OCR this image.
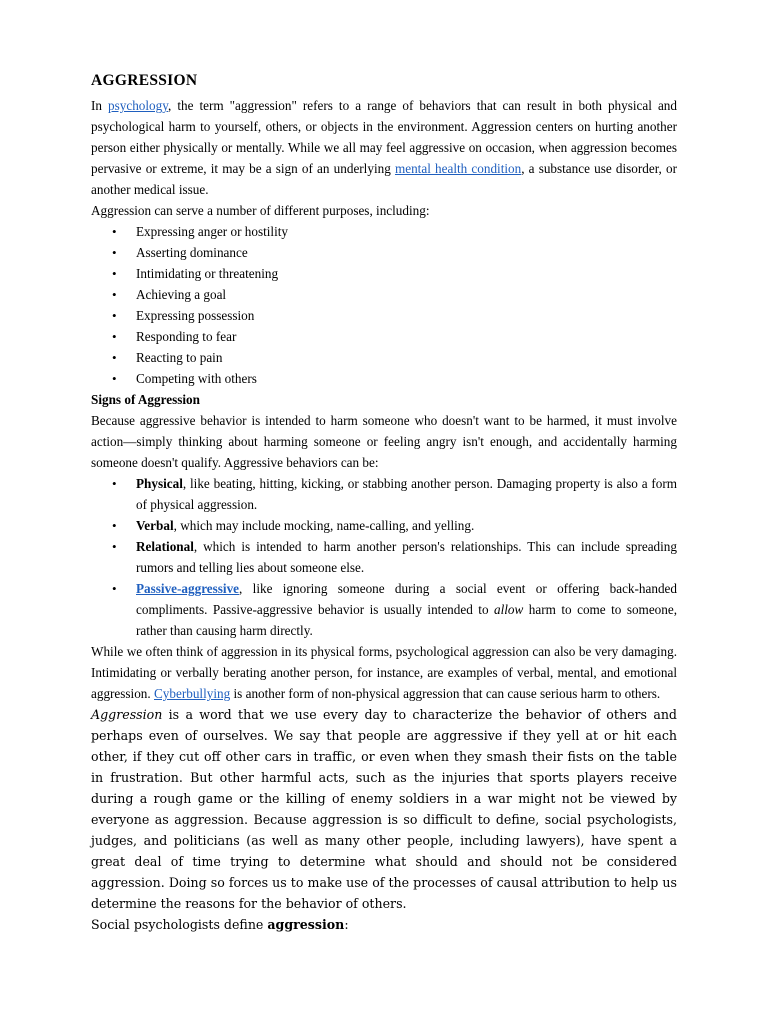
AGGRESSION

In psychology, the term "aggression" refers to a range of behaviors that can result in both physical and psychological harm to yourself, others, or objects in the environment. Aggression centers on hurting another person either physically or mentally. While we all may feel aggressive on occasion, when aggression becomes pervasive or extreme, it may be a sign of an underlying mental health condition, a substance use disorder, or another medical issue.

Aggression can serve a number of different purposes, including:

• Expressing anger or hostility
• Asserting dominance
• Intimidating or threatening
• Achieving a goal
• Expressing possession
• Responding to fear
• Reacting to pain
• Competing with others
Signs of Aggression

Because aggressive behavior is intended to harm someone who doesn't want to be harmed, it must involve action—simply thinking about harming someone or feeling angry isn't enough, and accidentally harming someone doesn't qualify. Aggressive behaviors can be:

• Physical, like beating, hitting, kicking, or stabbing another person. Damaging property is also a form of physical aggression.
• Verbal, which may include mocking, name-calling, and yelling.
• Relational, which is intended to harm another person's relationships. This can include spreading rumors and telling lies about someone else.
• Passive-aggressive, like ignoring someone during a social event or offering back-handed compliments. Passive-aggressive behavior is usually intended to allow harm to come to someone, rather than causing harm directly.

While we often think of aggression in its physical forms, psychological aggression can also be very damaging. Intimidating or verbally berating another person, for instance, are examples of verbal, mental, and emotional aggression. Cyberbullying is another form of non-physical aggression that can cause serious harm to others.

Aggression is a word that we use every day to characterize the behavior of others and perhaps even of ourselves. We say that people are aggressive if they yell at or hit each other, if they cut off other cars in traffic, or even when they smash their fists on the table in frustration. But other harmful acts, such as the injuries that sports players receive during a rough game or the killing of enemy soldiers in a war might not be viewed by everyone as aggression. Because aggression is so difficult to define, social psychologists, judges, and politicians (as well as many other people, including lawyers), have spent a great deal of time trying to determine what should and should not be considered aggression. Doing so forces us to make use of the processes of causal attribution to help us determine the reasons for the behavior of others.

Social psychologists define aggression:
